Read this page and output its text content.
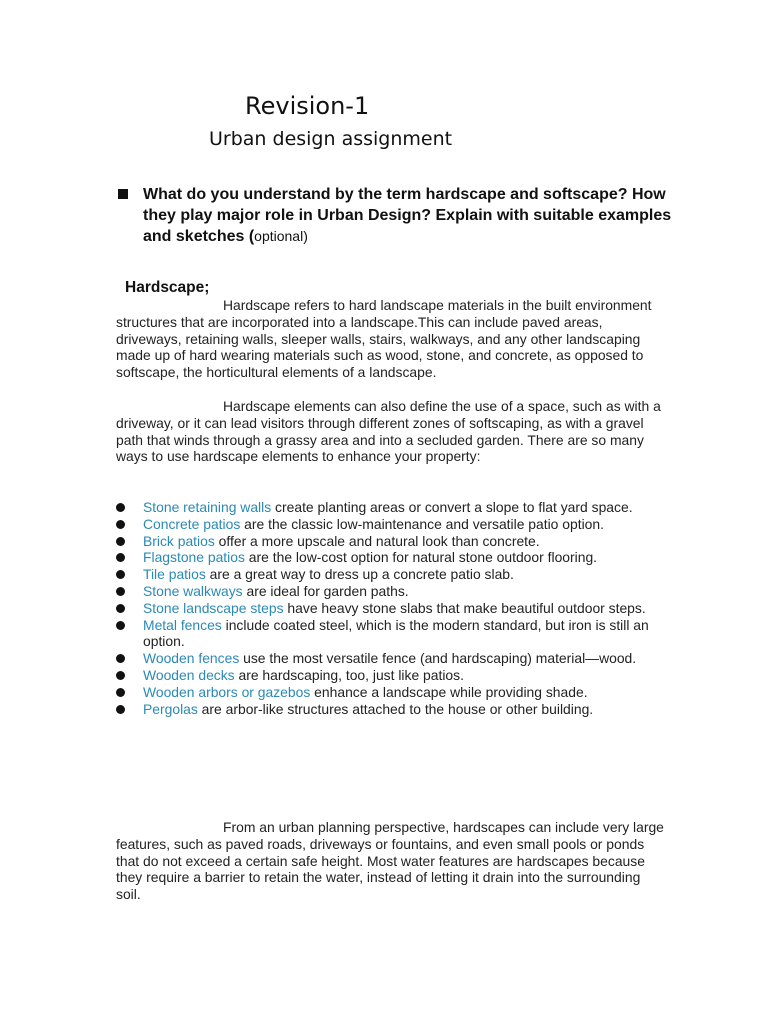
Revision-1
Urban design assignment
What do you understand by the term hardscape and softscape? How they play major role in Urban Design? Explain with suitable examples and sketches (optional)
Hardscape;

Hardscape refers to hard landscape materials in the built environment structures that are incorporated into a landscape.This can include paved areas, driveways, retaining walls, sleeper walls, stairs, walkways, and any other landscaping made up of hard wearing materials such as wood, stone, and concrete, as opposed to softscape, the horticultural elements of a landscape.

Hardscape elements can also define the use of a space, such as with a driveway, or it can lead visitors through different zones of softscaping, as with a gravel path that winds through a grassy area and into a secluded garden. There are so many ways to use hardscape elements to enhance your property:

Stone retaining walls create planting areas or convert a slope to flat yard space.
Concrete patios are the classic low-maintenance and versatile patio option.
Brick patios offer a more upscale and natural look than concrete.
Flagstone patios are the low-cost option for natural stone outdoor flooring.
Tile patios are a great way to dress up a concrete patio slab.
Stone walkways are ideal for garden paths.
Stone landscape steps have heavy stone slabs that make beautiful outdoor steps.
Metal fences include coated steel, which is the modern standard, but iron is still an option.
Wooden fences use the most versatile fence (and hardscaping) material—wood.
Wooden decks are hardscaping, too, just like patios.
Wooden arbors or gazebos enhance a landscape while providing shade.
Pergolas are arbor-like structures attached to the house or other building.

From an urban planning perspective, hardscapes can include very large features, such as paved roads, driveways or fountains, and even small pools or ponds that do not exceed a certain safe height. Most water features are hardscapes because they require a barrier to retain the water, instead of letting it drain into the surrounding soil.
